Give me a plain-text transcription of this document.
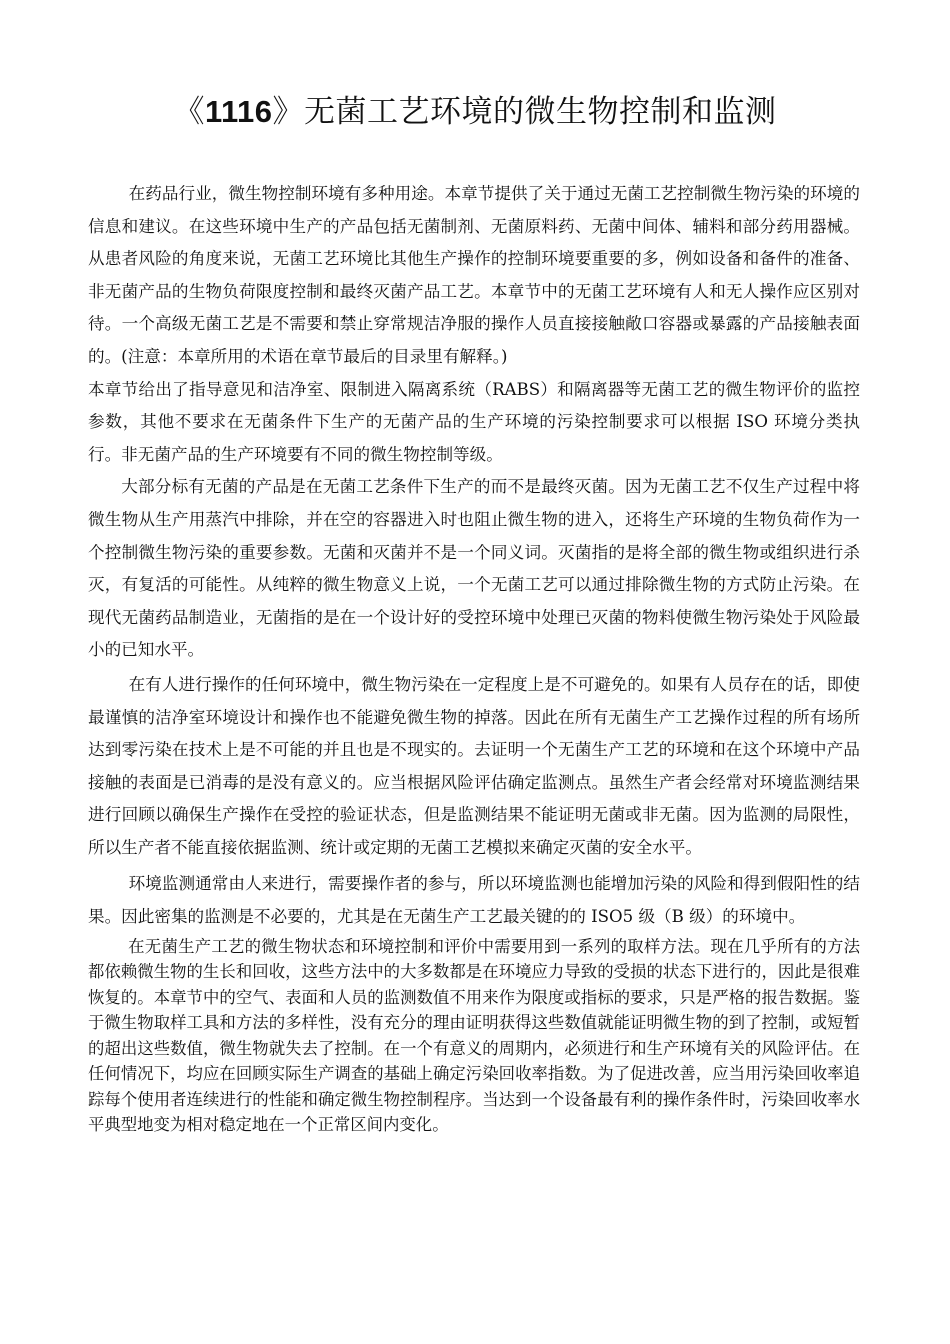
《1116》无菌工艺环境的微生物控制和监测

在药品行业，微生物控制环境有多种用途。本章节提供了关于通过无菌工艺控制微生物污染的环境的信息和建议。在这些环境中生产的产品包括无菌制剂、无菌原料药、无菌中间体、辅料和部分药用器械。从患者风险的角度来说，无菌工艺环境比其他生产操作的控制环境要重要的多，例如设备和备件的准备、非无菌产品的生物负荷限度控制和最终灭菌产品工艺。本章节中的无菌工艺环境有人和无人操作应区别对待。一个高级无菌工艺是不需要和禁止穿常规洁净服的操作人员直接接触敞口容器或暴露的产品接触表面的。(注意：本章所用的术语在章节最后的目录里有解释。)

本章节给出了指导意见和洁净室、限制进入隔离系统（RABS）和隔离器等无菌工艺的微生物评价的监控参数，其他不要求在无菌条件下生产的无菌产品的生产环境的污染控制要求可以根据 ISO 环境分类执行。非无菌产品的生产环境要有不同的微生物控制等级。

大部分标有无菌的产品是在无菌工艺条件下生产的而不是最终灭菌。因为无菌工艺不仅生产过程中将微生物从生产用蒸汽中排除，并在空的容器进入时也阻止微生物的进入，还将生产环境的生物负荷作为一个控制微生物污染的重要参数。无菌和灭菌并不是一个同义词。灭菌指的是将全部的微生物或组织进行杀灭，有复活的可能性。从纯粹的微生物意义上说，一个无菌工艺可以通过排除微生物的方式防止污染。在现代无菌药品制造业，无菌指的是在一个设计好的受控环境中处理已灭菌的物料使微生物污染处于风险最小的已知水平。

在有人进行操作的任何环境中，微生物污染在一定程度上是不可避免的。如果有人员存在的话，即使最谨慎的洁净室环境设计和操作也不能避免微生物的掉落。因此在所有无菌生产工艺操作过程的所有场所达到零污染在技术上是不可能的并且也是不现实的。去证明一个无菌生产工艺的环境和在这个环境中产品接触的表面是已消毒的是没有意义的。应当根据风险评估确定监测点。虽然生产者会经常对环境监测结果进行回顾以确保生产操作在受控的验证状态，但是监测结果不能证明无菌或非无菌。因为监测的局限性，所以生产者不能直接依据监测、统计或定期的无菌工艺模拟来确定灭菌的安全水平。

环境监测通常由人来进行，需要操作者的参与，所以环境监测也能增加污染的风险和得到假阳性的结果。因此密集的监测是不必要的，尤其是在无菌生产工艺最关键的的 ISO5 级（B 级）的环境中。

在无菌生产工艺的微生物状态和环境控制和评价中需要用到一系列的取样方法。现在几乎所有的方法都依赖微生物的生长和回收，这些方法中的大多数都是在环境应力导致的受损的状态下进行的，因此是很难恢复的。本章节中的空气、表面和人员的监测数值不用来作为限度或指标的要求，只是严格的报告数据。鉴于微生物取样工具和方法的多样性，没有充分的理由证明获得这些数值就能证明微生物的到了控制，或短暂的超出这些数值，微生物就失去了控制。在一个有意义的周期内，必须进行和生产环境有关的风险评估。在任何情况下，均应在回顾实际生产调查的基础上确定污染回收率指数。为了促进改善，应当用污染回收率追踪每个使用者连续进行的性能和确定微生物控制程序。当达到一个设备最有利的操作条件时，污染回收率水平典型地变为相对稳定地在一个正常区间内变化。
